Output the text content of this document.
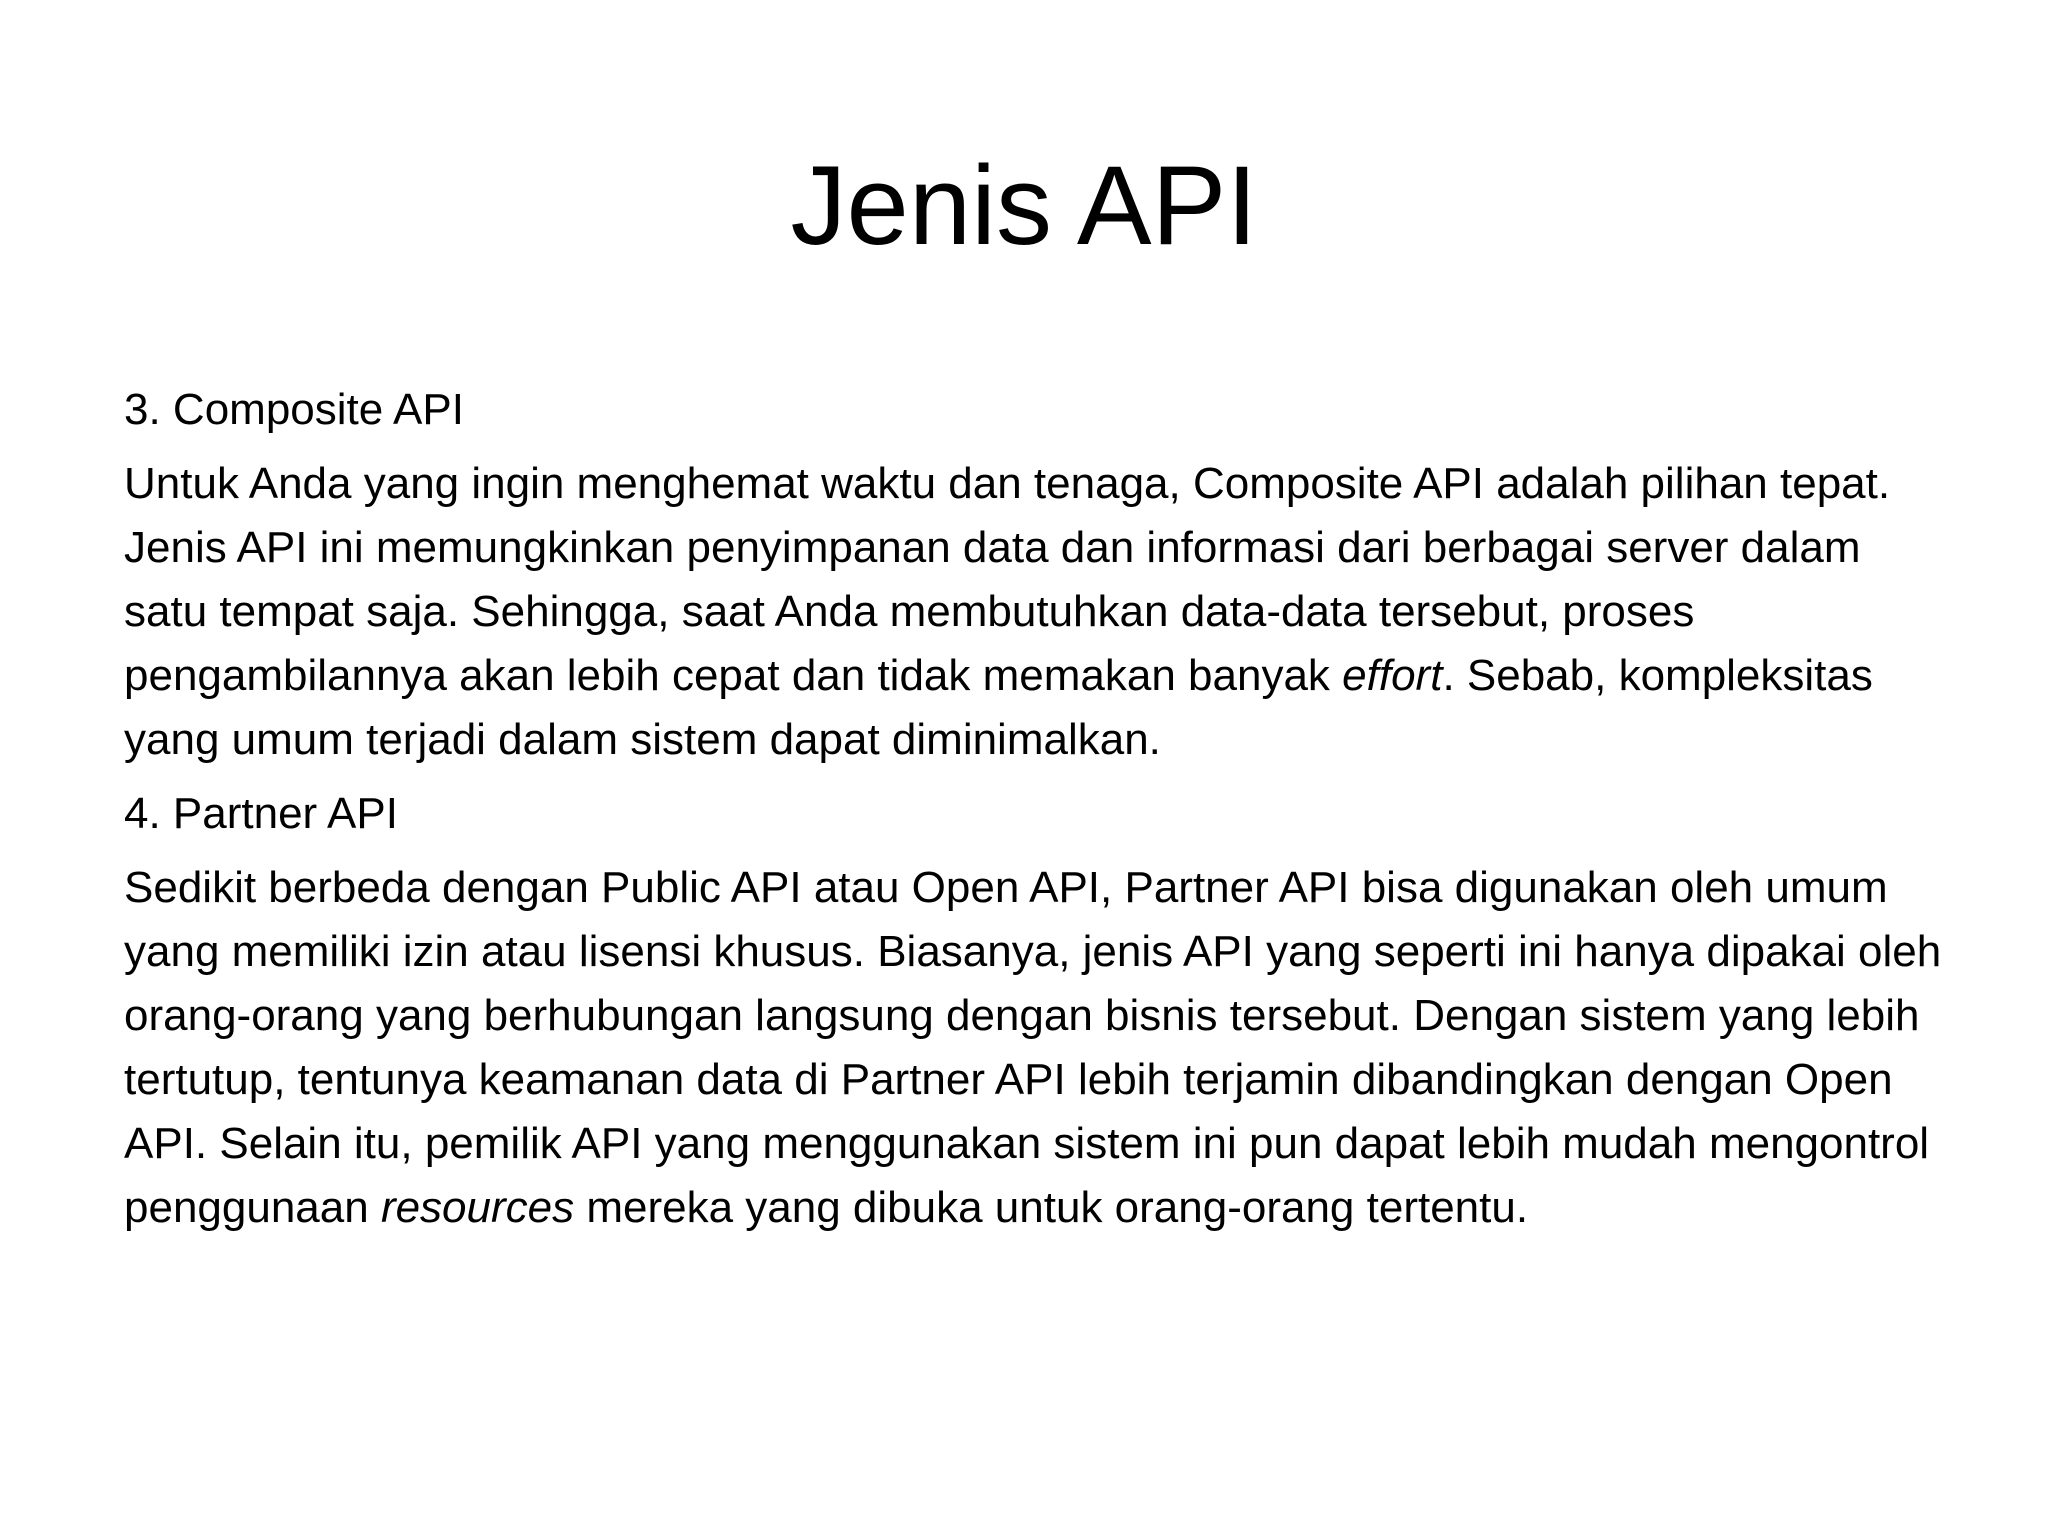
Jenis API

3. Composite API

Untuk Anda yang ingin menghemat waktu dan tenaga, Composite API adalah pilihan tepat. Jenis API ini memungkinkan penyimpanan data dan informasi dari berbagai server dalam satu tempat saja. Sehingga, saat Anda membutuhkan data-data tersebut, proses pengambilannya akan lebih cepat dan tidak memakan banyak effort. Sebab, kompleksitas yang umum terjadi dalam sistem dapat diminimalkan.

4. Partner API

Sedikit berbeda dengan Public API atau Open API, Partner API bisa digunakan oleh umum yang memiliki izin atau lisensi khusus. Biasanya, jenis API yang seperti ini hanya dipakai oleh orang-orang yang berhubungan langsung dengan bisnis tersebut. Dengan sistem yang lebih tertutup, tentunya keamanan data di Partner API lebih terjamin dibandingkan dengan Open API. Selain itu, pemilik API yang menggunakan sistem ini pun dapat lebih mudah mengontrol penggunaan resources mereka yang dibuka untuk orang-orang tertentu.
